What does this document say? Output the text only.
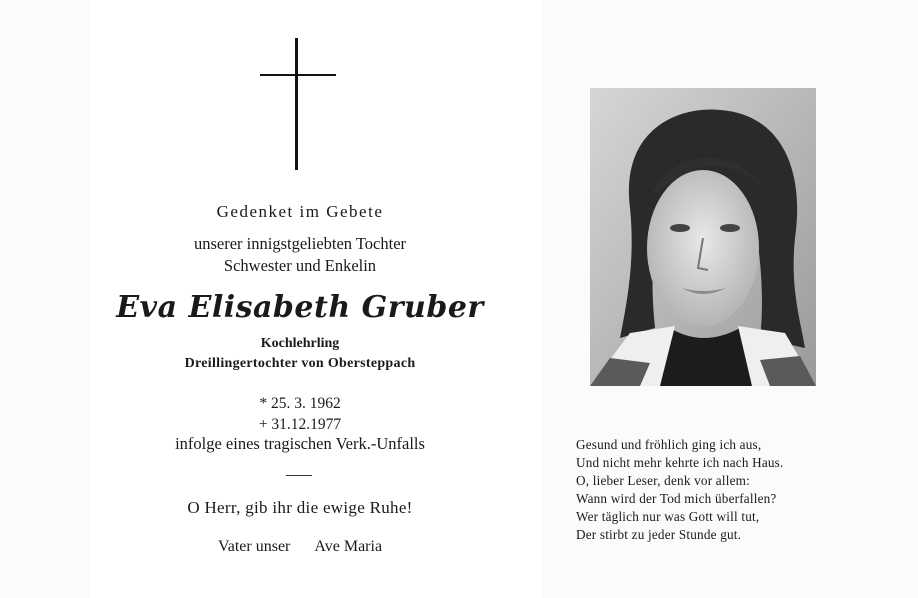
Gedenket im Gebete
unserer innigstgeliebten Tochter
Schwester und Enkelin
Eva Elisabeth Gruber
Kochlehrling
Dreillingertochter von Obersteppach
* 25. 3. 1962
+ 31.12.1977
infolge eines tragischen Verk.-Unfalls
O Herr, gib ihr die ewige Ruhe!
Vater unser Ave Maria
Gesund und fröhlich ging ich aus,
Und nicht mehr kehrte ich nach Haus.
O, lieber Leser, denk vor allem:
Wann wird der Tod mich überfallen?
Wer täglich nur was Gott will tut,
Der stirbt zu jeder Stunde gut.
